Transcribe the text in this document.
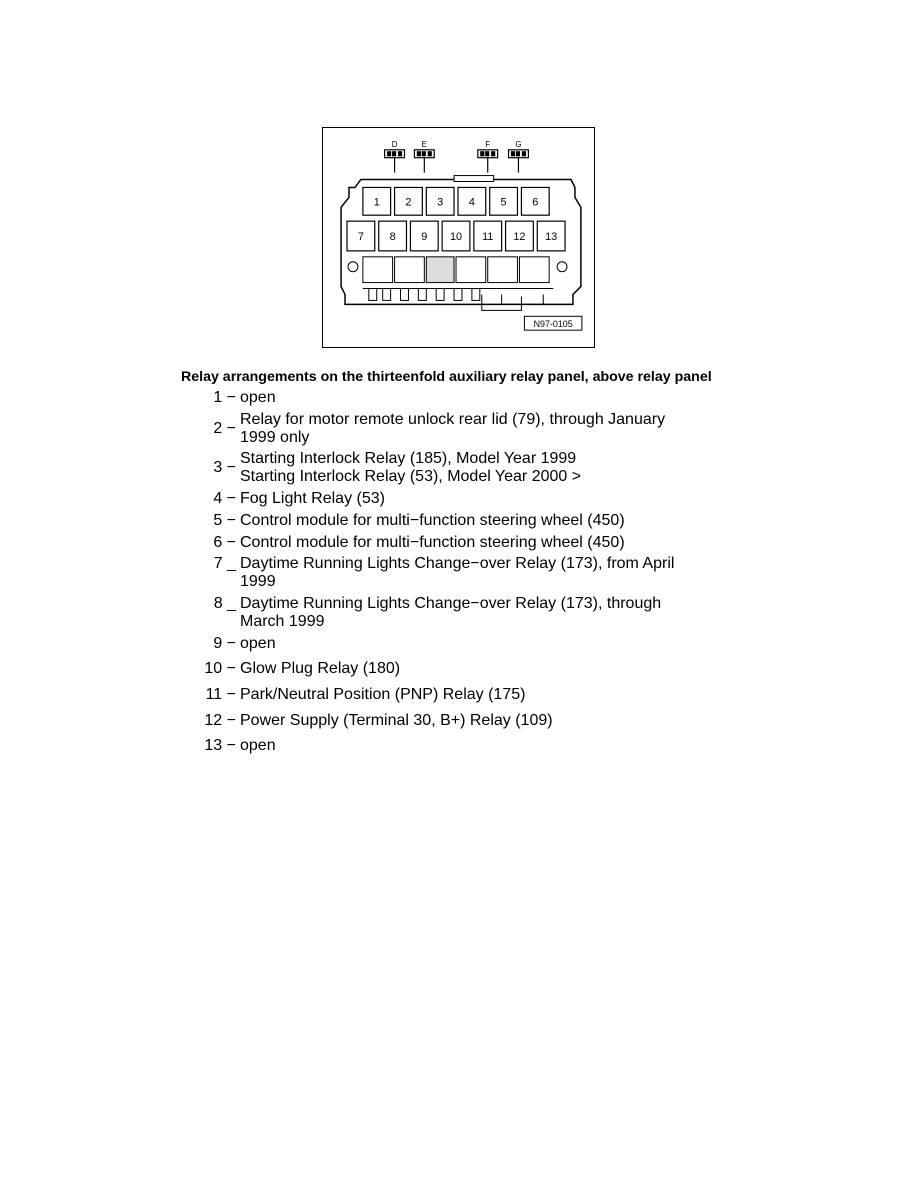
D	E	F	G
1 2 3 4 5 6
7 8 9 10 11 12 13
N97-0105
Relay arrangements on the thirteenfold auxiliary relay panel, above relay panel
1 − open
2 −
Relay for motor remote unlock rear lid (79), through January
1999 only
3 −
Starting Interlock Relay (185), Model Year 1999
Starting Interlock Relay (53), Model Year 2000 >
4 − Fog Light Relay (53)
5 − Control module for multi−function steering wheel (450)
6 − Control module for multi−function steering wheel (450)
7 _ Daytime Running Lights Change−over Relay (173), from April
1999
8 _ Daytime Running Lights Change−over Relay (173), through
March 1999
9 − open
10 − Glow Plug Relay (180)
11 − Park/Neutral Position (PNP) Relay (175)
12 − Power Supply (Terminal 30, B+) Relay (109)
13 − open
